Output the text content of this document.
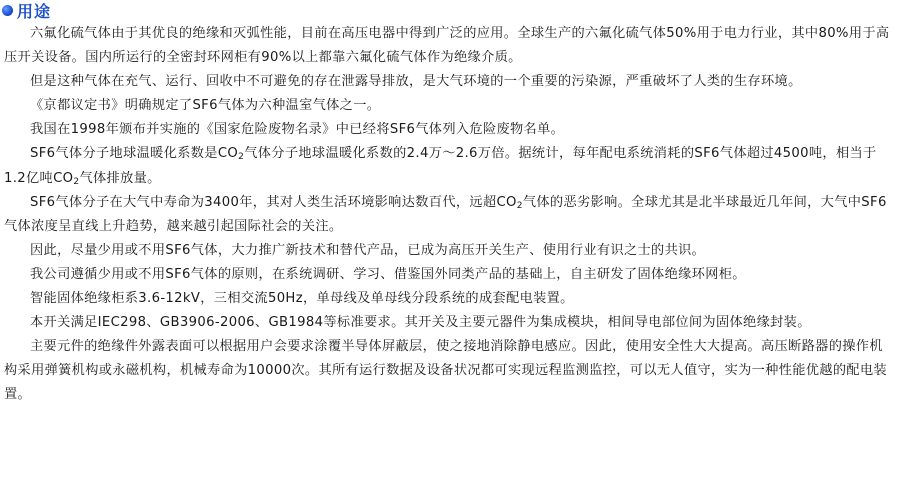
用途

六氟化硫气体由于其优良的绝缘和灭弧性能，目前在高压电器中得到广泛的应用。全球生产的六氟化硫气体50%用于电力行业，其中80%用于高压开关设备。国内所运行的全密封环网柜有90%以上都靠六氟化硫气体作为绝缘介质。

但是这种气体在充气、运行、回收中不可避免的存在泄露导排放，是大气环境的一个重要的污染源，严重破坏了人类的生存环境。

《京都议定书》明确规定了SF6气体为六种温室气体之一。

我国在1998年颁布并实施的《国家危险废物名录》中已经将SF6气体列入危险废物名单。

SF6气体分子地球温暖化系数是$CO_2$气体分子地球温暖化系数的2.4万～2.6万倍。据统计，每年配电系统消耗的SF6气体超过4500吨，相当于1.2亿吨$CO_2$气体排放量。

SF6气体分子在大气中寿命为3400年，其对人类生活环境影响达数百代，远超$CO_2$气体的恶劣影响。全球尤其是北半球最近几年间，大气中SF6气体浓度呈直线上升趋势，越来越引起国际社会的关注。

因此，尽量少用或不用SF6气体，大力推广新技术和替代产品，已成为高压开关生产、使用行业有识之士的共识。

我公司遵循少用或不用SF6气体的原则，在系统调研、学习、借鉴国外同类产品的基础上，自主研发了固体绝缘环网柜。

智能固体绝缘柜系3.6-12kV，三相交流50Hz，单母线及单母线分段系统的成套配电装置。

本开关满足IEC298、GB3906-2006、GB1984等标准要求。其开关及主要元器件为集成模块，相间导电部位间为固体绝缘封装。

主要元件的绝缘件外露表面可以根据用户会要求涂覆半导体屏蔽层，使之接地消除静电感应。因此，使用安全性大大提高。高压断路器的操作机构采用弹簧机构或永磁机构，机械寿命为10000次。其所有运行数据及设备状况都可实现远程监测监控，可以无人值守，实为一种性能优越的配电装置。
